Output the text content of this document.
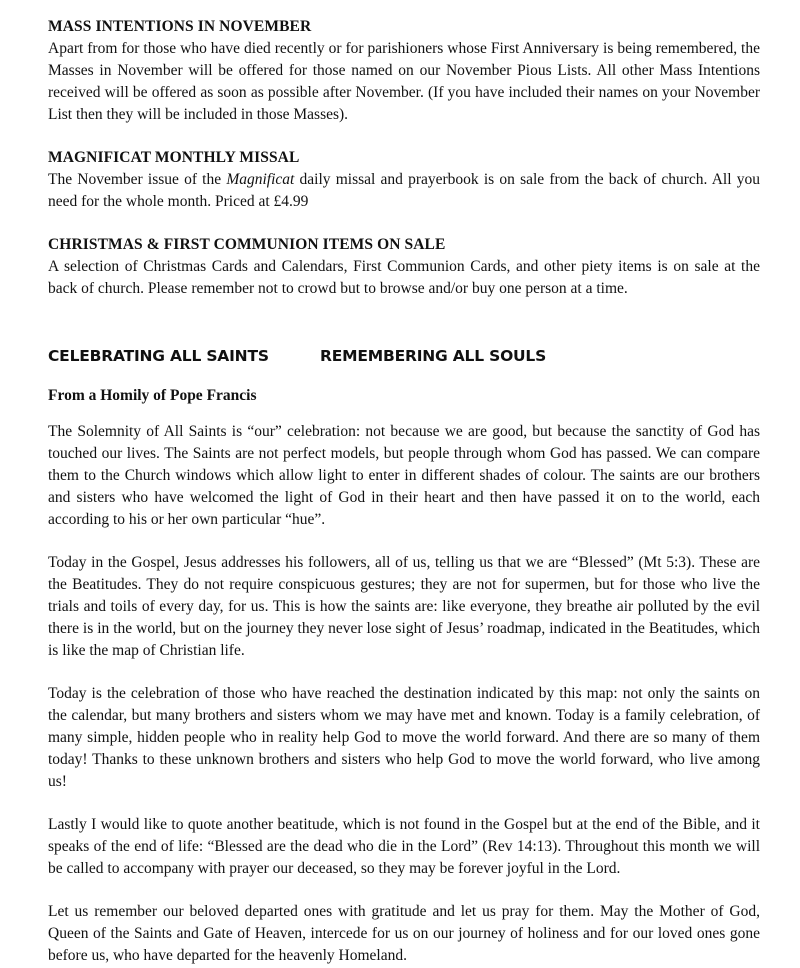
MASS INTENTIONS IN NOVEMBER

Apart from for those who have died recently or for parishioners whose First Anniversary is being remembered, the Masses in November will be offered for those named on our November Pious Lists. All other Mass Intentions received will be offered as soon as possible after November. (If you have included their names on your November List then they will be included in those Masses).

MAGNIFICAT MONTHLY MISSAL

The November issue of the Magnificat daily missal and prayerbook is on sale from the back of church. All you need for the whole month. Priced at £4.99

CHRISTMAS & FIRST COMMUNION ITEMS ON SALE

A selection of Christmas Cards and Calendars, First Communion Cards, and other piety items is on sale at the back of church. Please remember not to crowd but to browse and/or buy one person at a time.

CELEBRATING ALL SAINTS	REMEMBERING ALL SOULS
From a Homily of Pope Francis

The Solemnity of All Saints is “our” celebration: not because we are good, but because the sanctity of God has touched our lives. The Saints are not perfect models, but people through whom God has passed. We can compare them to the Church windows which allow light to enter in different shades of colour. The saints are our brothers and sisters who have welcomed the light of God in their heart and then have passed it on to the world, each according to his or her own particular “hue”.

Today in the Gospel, Jesus addresses his followers, all of us, telling us that we are “Blessed” (Mt 5:3). These are the Beatitudes. They do not require conspicuous gestures; they are not for supermen, but for those who live the trials and toils of every day, for us. This is how the saints are: like everyone, they breathe air polluted by the evil there is in the world, but on the journey they never lose sight of Jesus’ roadmap, indicated in the Beatitudes, which is like the map of Christian life.

Today is the celebration of those who have reached the destination indicated by this map: not only the saints on the calendar, but many brothers and sisters whom we may have met and known. Today is a family celebration, of many simple, hidden people who in reality help God to move the world forward. And there are so many of them today! Thanks to these unknown brothers and sisters who help God to move the world forward, who live among us!

Lastly I would like to quote another beatitude, which is not found in the Gospel but at the end of the Bible, and it speaks of the end of life: “Blessed are the dead who die in the Lord” (Rev 14:13). Throughout this month we will be called to accompany with prayer our deceased, so they may be forever joyful in the Lord.

Let us remember our beloved departed ones with gratitude and let us pray for them. May the Mother of God, Queen of the Saints and Gate of Heaven, intercede for us on our journey of holiness and for our loved ones gone before us, who have departed for the heavenly Homeland.
